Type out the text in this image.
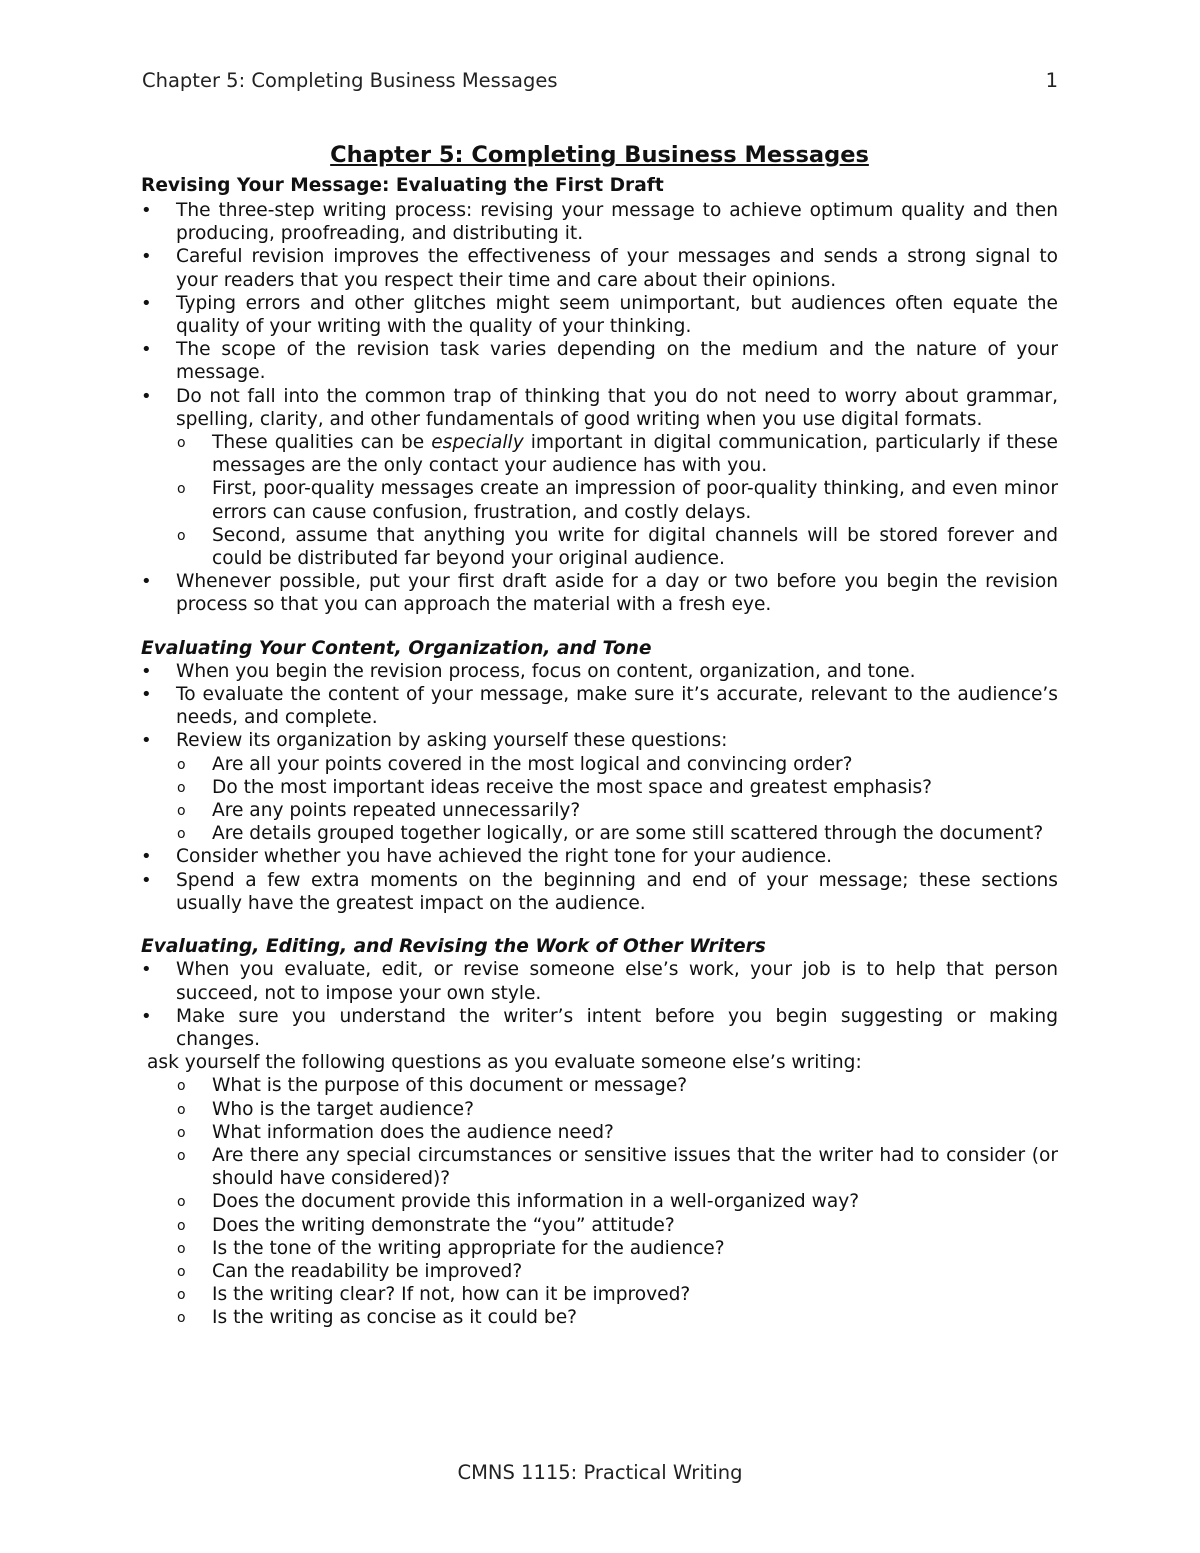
Chapter 5: Completing Business Messages	1
Chapter 5: Completing Business Messages
Revising Your Message: Evaluating the First Draft
• The three-step writing process: revising your message to achieve optimum quality and then producing, proofreading, and distributing it.
• Careful revision improves the effectiveness of your messages and sends a strong signal to your readers that you respect their time and care about their opinions.
• Typing errors and other glitches might seem unimportant, but audiences often equate the quality of your writing with the quality of your thinking.
• The scope of the revision task varies depending on the medium and the nature of your message.
• Do not fall into the common trap of thinking that you do not need to worry about grammar, spelling, clarity, and other fundamentals of good writing when you use digital formats.
o These qualities can be especially important in digital communication, particularly if these messages are the only contact your audience has with you.
o First, poor-quality messages create an impression of poor-quality thinking, and even minor errors can cause confusion, frustration, and costly delays.
o Second, assume that anything you write for digital channels will be stored forever and could be distributed far beyond your original audience.
• Whenever possible, put your first draft aside for a day or two before you begin the revision process so that you can approach the material with a fresh eye.
Evaluating Your Content, Organization, and Tone
• When you begin the revision process, focus on content, organization, and tone.
• To evaluate the content of your message, make sure it’s accurate, relevant to the audience’s needs, and complete.
• Review its organization by asking yourself these questions:
o Are all your points covered in the most logical and convincing order?
o Do the most important ideas receive the most space and greatest emphasis?
o Are any points repeated unnecessarily?
o Are details grouped together logically, or are some still scattered through the document?
• Consider whether you have achieved the right tone for your audience.
• Spend a few extra moments on the beginning and end of your message; these sections usually have the greatest impact on the audience.
Evaluating, Editing, and Revising the Work of Other Writers
• When you evaluate, edit, or revise someone else’s work, your job is to help that person succeed, not to impose your own style.
• Make sure you understand the writer’s intent before you begin suggesting or making changes.
ask yourself the following questions as you evaluate someone else’s writing:
o What is the purpose of this document or message?
o Who is the target audience?
o What information does the audience need?
o Are there any special circumstances or sensitive issues that the writer had to consider (or should have considered)?
o Does the document provide this information in a well-organized way?
o Does the writing demonstrate the “you” attitude?
o Is the tone of the writing appropriate for the audience?
o Can the readability be improved?
o Is the writing clear? If not, how can it be improved?
o Is the writing as concise as it could be?
CMNS 1115: Practical Writing
